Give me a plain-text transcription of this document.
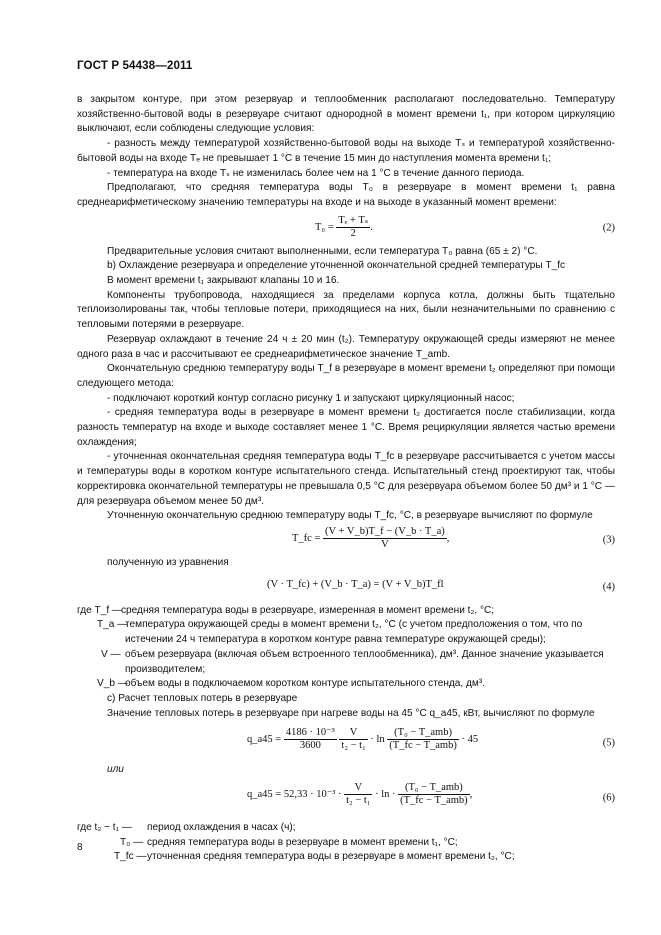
ГОСТ Р 54438—2011

в закрытом контуре, при этом резервуар и теплообменник располагают последовательно. Температуру хозяйственно-бытовой воды в резервуаре считают однородной в момент времени t₁, при котором циркуляцию выключают, если соблюдены следующие условия:

- разность между температурой хозяйственно-бытовой воды на выходе Tₛ и температурой хозяйственно-бытовой воды на входе Tₑ не превышает 1 °С в течение 15 мин до наступления момента времени t₁;

- температура на входе Tₛ не изменилась более чем на 1 °С в течение данного периода.

Предполагают, что средняя температура воды T₀ в резервуаре в момент времени t₁ равна среднеарифметическому значению температуры на входе и на выходе в указанный момент времени:

$T_0 = \frac{\text{Tₑ + Tₛ}}{2}$ .	(2)

Предварительные условия считают выполненными, если температура T₀ равна (65 ± 2) °С.

b) Охлаждение резервуара и определение уточненной окончательной средней температуры T_fc

В момент времени t₁ закрывают клапаны 10 и 16.

Компоненты трубопровода, находящиеся за пределами корпуса котла, должны быть тщательно теплоизолированы так, чтобы тепловые потери, приходящиеся на них, были незначительными по сравнению с тепловыми потерями в резервуаре.

Резервуар охлаждают в течение 24 ч ± 20 мин (t₂). Температуру окружающей среды измеряют не менее одного раза в час и рассчитывают ее среднеарифметическое значение T_amb.

Окончательную среднюю температуру воды T_f в резервуаре в момент времени t₂ определяют при помощи следующего метода:

- подключают короткий контур согласно рисунку 1 и запускают циркуляционный насос;

- средняя температура воды в резервуаре в момент времени t₂ достигается после стабилизации, когда разность температур на входе и выходе составляет менее 1 °С. Время рециркуляции является частью времени охлаждения;

- уточненная окончательная средняя температура воды T_fc в резервуаре рассчитывается с учетом массы и температуры воды в коротком контуре испытательного стенда. Испытательный стенд проектируют так, чтобы корректировка окончательной температуры не превышала 0,5 °С для резервуара объемом более 50 дм³ и 1 °С — для резервуара объемом менее 50 дм³.

Уточненную окончательную среднюю температуру воды T_fc, °С, в резервуаре вычисляют по формуле

T_fc = $\frac{(V + V\_b)T\_f - (V\_b \cdot T\_a)}{V}$ ,	(3)

полученную из уравнения

(V · T_fc) + (V_b · T_a) = (V + V_b)T_fl	(4)
где T_f —
средняя температура воды в резервуаре, измеренная в момент времени t₂, °С;
T_a —
температура окружающей среды в момент времени t₂, °С (с учетом предположения о том, что по истечении 24 ч температура в коротком контуре равна температуре окружающей среды);
V — объем резервуара (включая объем встроенного теплообменника), дм³. Данное значение указывается производителем;
V_b —
объем воды в подключаемом коротком контуре испытательного стенда, дм³.

c) Расчет тепловых потерь в резервуаре

Значение тепловых потерь в резервуаре при нагреве воды на 45 °С q_a45, кВт, вычисляют по формуле

q_a45 = $\frac{\text{4186 · 10⁻³}}{3600}$
$\frac{V}{\text{t₂ − t₁}} \cdot \ln \frac{\text{(T₀ − T\_amb)}}{\text{(T\_fc − T\_amb)}} \cdot 45$	(5)

или

q_a45 = $52,33 \cdot 10^{-3} \cdot \frac{V}{\text{t₂ − t₁}} \cdot \ln \cdot \frac{\text{(T₀ − T\_amb)}}{\text{(T\_fc − T\_amb)}}$ ,	(6)
где t₂ − t₁ — период охлаждения в часах (ч);
T₀ — средняя температура воды в резервуаре в момент времени t₁, °С;
T_fc — уточненная средняя температура воды в резервуаре в момент времени t₂, °С;
8
